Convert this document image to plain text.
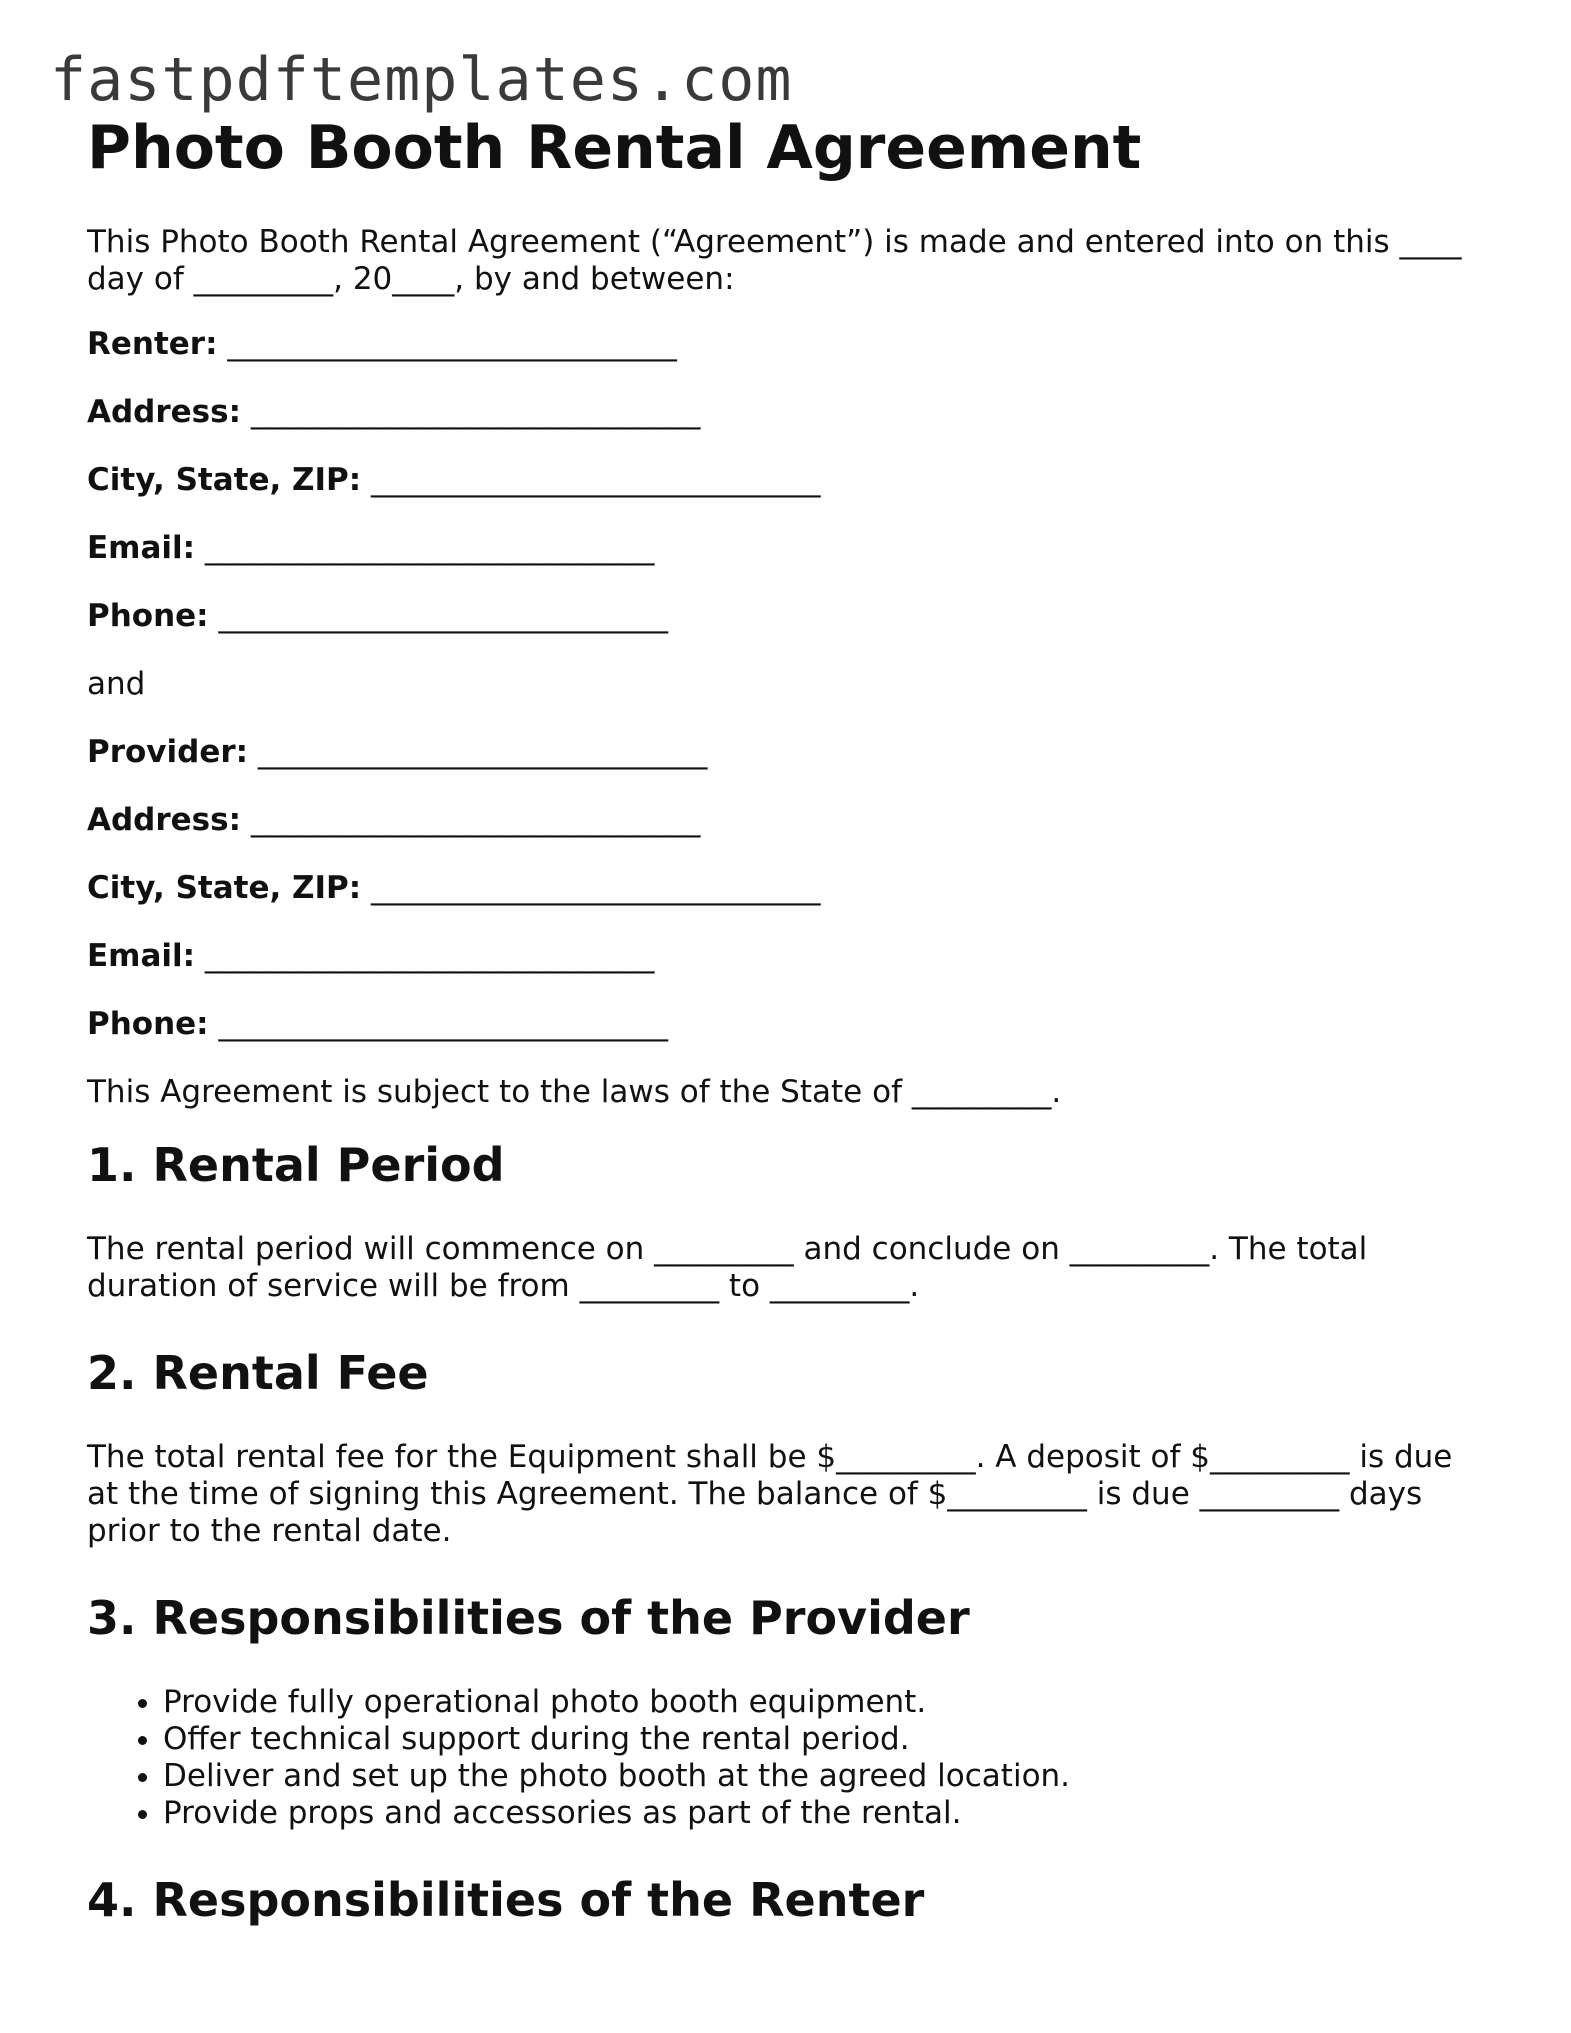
fastpdftemplates.com
Photo Booth Rental Agreement

This Photo Booth Rental Agreement (“Agreement”) is made and entered into on this ____ day of _________, 20____, by and between:

Renter: _____________________________
Address: _____________________________
City, State, ZIP: _____________________________
Email: _____________________________
Phone: _____________________________

and

Provider: _____________________________
Address: _____________________________
City, State, ZIP: _____________________________
Email: _____________________________
Phone: _____________________________

This Agreement is subject to the laws of the State of _________.

1. Rental Period

The rental period will commence on _________ and conclude on _________. The total duration of service will be from _________ to _________.

2. Rental Fee

The total rental fee for the Equipment shall be $_________. A deposit of $_________ is due at the time of signing this Agreement. The balance of $_________ is due _________ days prior to the rental date.

3. Responsibilities of the Provider
• Provide fully operational photo booth equipment.
• Offer technical support during the rental period.
• Deliver and set up the photo booth at the agreed location.
• Provide props and accessories as part of the rental.
4. Responsibilities of the Renter
